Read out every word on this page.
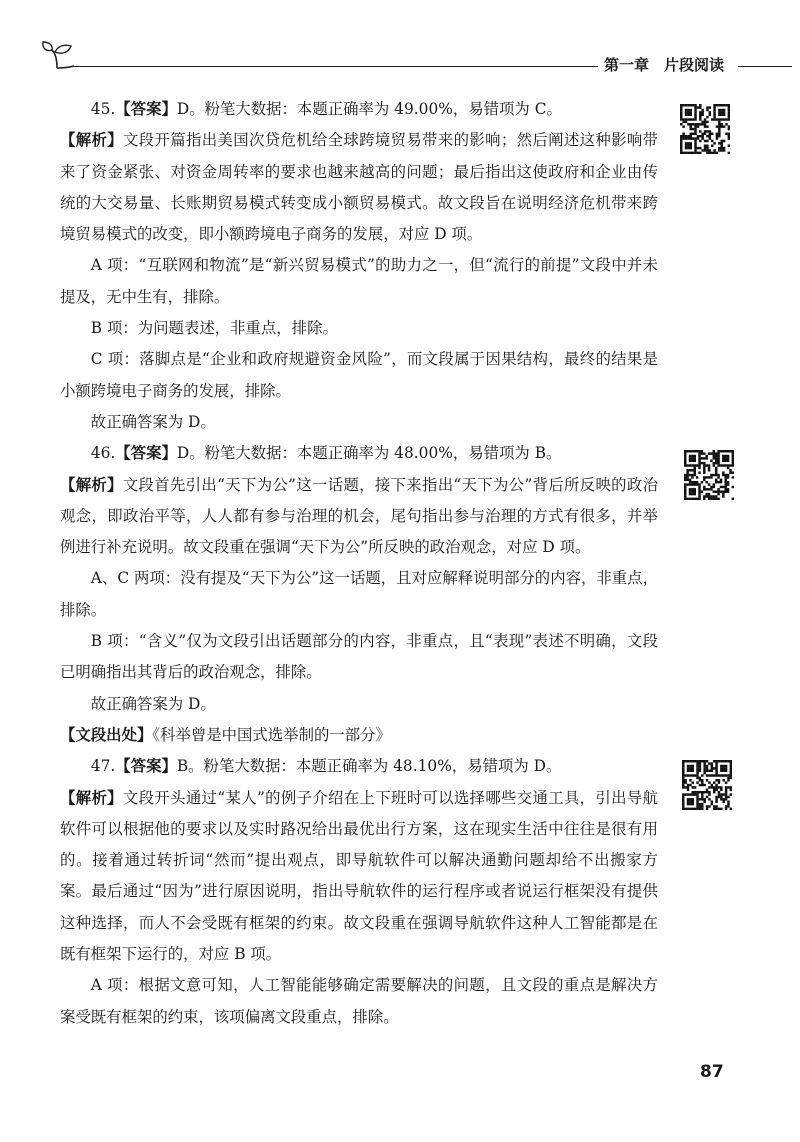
第一章　片段阅读

45.【答案】D。粉笔大数据：本题正确率为 49.00%，易错项为 C。

【解析】文段开篇指出美国次贷危机给全球跨境贸易带来的影响；然后阐述这种影响带来了资金紧张、对资金周转率的要求也越来越高的问题；最后指出这使政府和企业由传统的大交易量、长账期贸易模式转变成小额贸易模式。故文段旨在说明经济危机带来跨境贸易模式的改变，即小额跨境电子商务的发展，对应 D 项。

A 项：“互联网和物流”是“新兴贸易模式”的助力之一，但“流行的前提”文段中并未提及，无中生有，排除。

B 项：为问题表述，非重点，排除。

C 项：落脚点是“企业和政府规避资金风险”，而文段属于因果结构，最终的结果是小额跨境电子商务的发展，排除。

故正确答案为 D。

46.【答案】D。粉笔大数据：本题正确率为 48.00%，易错项为 B。

【解析】文段首先引出“天下为公”这一话题，接下来指出“天下为公”背后所反映的政治观念，即政治平等，人人都有参与治理的机会，尾句指出参与治理的方式有很多，并举例进行补充说明。故文段重在强调“天下为公”所反映的政治观念，对应 D 项。

A、C 两项：没有提及“天下为公”这一话题，且对应解释说明部分的内容，非重点，排除。

B 项：“含义”仅为文段引出话题部分的内容，非重点，且“表现”表述不明确，文段已明确指出其背后的政治观念，排除。

故正确答案为 D。

【文段出处】《科举曾是中国式选举制的一部分》

47.【答案】B。粉笔大数据：本题正确率为 48.10%，易错项为 D。

【解析】文段开头通过“某人”的例子介绍在上下班时可以选择哪些交通工具，引出导航软件可以根据他的要求以及实时路况给出最优出行方案，这在现实生活中往往是很有用的。接着通过转折词“然而”提出观点，即导航软件可以解决通勤问题却给不出搬家方案。最后通过“因为”进行原因说明，指出导航软件的运行程序或者说运行框架没有提供这种选择，而人不会受既有框架的约束。故文段重在强调导航软件这种人工智能都是在既有框架下运行的，对应 B 项。

A 项：根据文意可知，人工智能能够确定需要解决的问题，且文段的重点是解决方案受既有框架的约束，该项偏离文段重点，排除。

87
